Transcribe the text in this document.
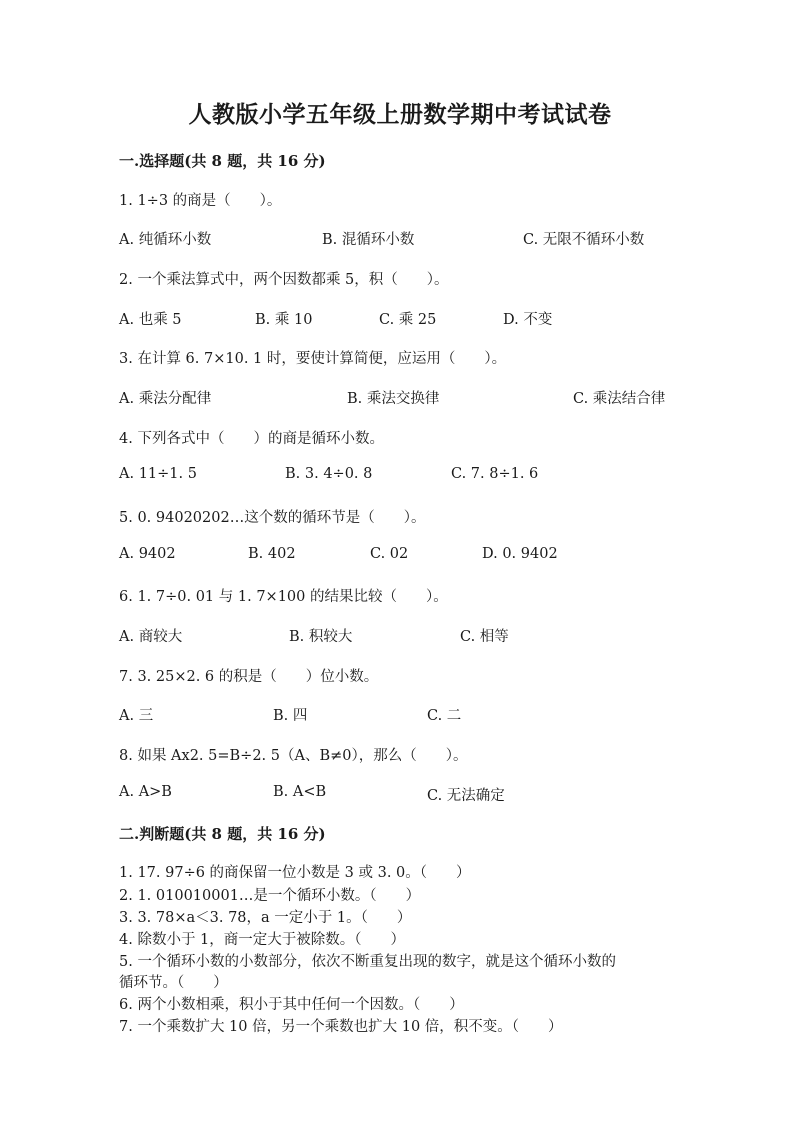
人教版小学五年级上册数学期中考试试卷
一.选择题(共 8 题，共 16 分)
1. 1÷3 的商是（　　）。
A. 纯循环小数	B. 混循环小数	C. 无限不循环小数
2. 一个乘法算式中，两个因数都乘 5，积（　　）。
A. 也乘 5	B. 乘 10	C. 乘 25	D. 不变
3. 在计算 6. 7×10. 1 时，要使计算简便，应运用（　　）。
A. 乘法分配律	B. 乘法交换律	C. 乘法结合律
4. 下列各式中（　　）的商是循环小数。
A. 11÷1. 5	B. 3. 4÷0. 8	C. 7. 8÷1. 6
5. 0. 94020202…这个数的循环节是（　　）。
A. 9402	B. 402	C. 02	D. 0. 9402
6. 1. 7÷0. 01 与 1. 7×100 的结果比较（　　）。
A. 商较大	B. 积较大	C. 相等
7. 3. 25×2. 6 的积是（　　）位小数。
A. 三	B. 四	C. 二
8. 如果 Ax2. 5=B÷2. 5（A、B≠0），那么（　　）。
A. A>B	B. A<B	C. 无法确定
二.判断题(共 8 题，共 16 分)
1. 17. 97÷6 的商保留一位小数是 3 或 3. 0。（　　）
2. 1. 010010001…是一个循环小数。（　　）
3. 3. 78×a＜3. 78，a 一定小于 1。（　　）
4. 除数小于 1，商一定大于被除数。（　　）
5. 一个循环小数的小数部分，依次不断重复出现的数字，就是这个循环小数的
循环节。（　　）
6. 两个小数相乘，积小于其中任何一个因数。（　　）
7. 一个乘数扩大 10 倍，另一个乘数也扩大 10 倍，积不变。（　　）
